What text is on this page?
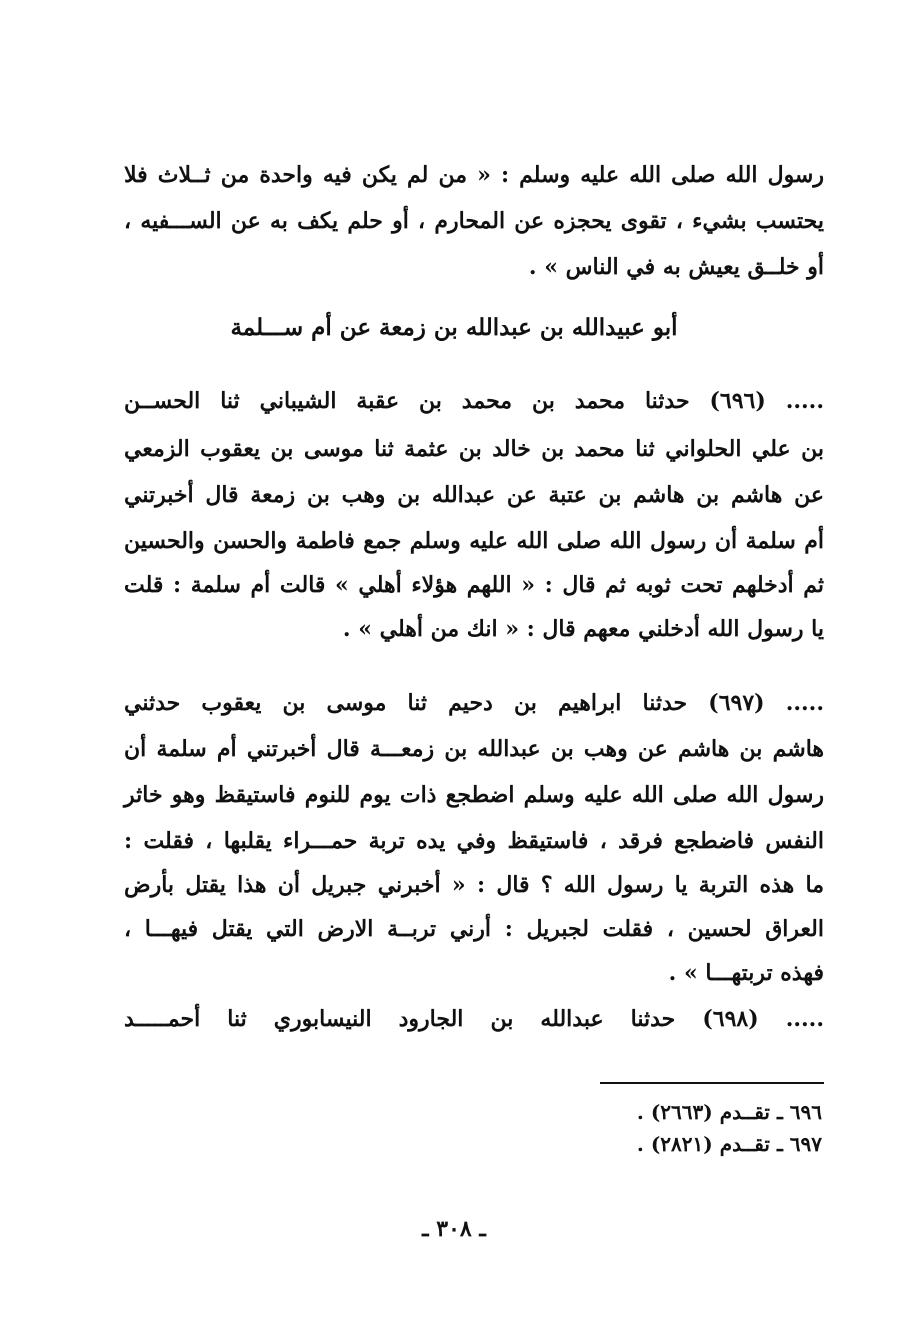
رسول الله صلى الله عليه وسلم : « من لم يكن فيه واحدة من ثــلاث فلا
يحتسب بشيء ، تقوى يحجزه عن المحارم ، أو حلم يكف به عن الســـفيه ،
أو خلــق يعيش به في الناس » .
أبو عبيدالله بن عبدالله بن زمعة عن أم ســـلمة
..... (٦٩٦) حدثنا محمد بن محمد بن عقبة الشيباني ثنا الحســن
بن علي الحلواني ثنا محمد بن خالد بن عثمة ثنا موسى بن يعقوب الزمعي
عن هاشم بن هاشم بن عتبة عن عبدالله بن وهب بن زمعة قال أخبرتني
أم سلمة أن رسول الله صلى الله عليه وسلم جمع فاطمة والحسن والحسين
ثم أدخلهم تحت ثوبه ثم قال : « اللهم هؤلاء أهلي » قالت أم سلمة : قلت
يا رسول الله أدخلني معهم قال : « انك من أهلي » .
..... (٦٩٧) حدثنا ابراهيم بن دحيم ثنا موسى بن يعقوب حدثني
هاشم بن هاشم عن وهب بن عبدالله بن زمعـــة قال أخبرتني أم سلمة أن
رسول الله صلى الله عليه وسلم اضطجع ذات يوم للنوم فاستيقظ وهو خاثر
النفس فاضطجع فرقد ، فاستيقظ وفي يده تربة حمـــراء يقلبها ، فقلت :
ما هذه التربة يا رسول الله ؟ قال : « أخبرني جبريل أن هذا يقتل بأرض
العراق لحسين ، فقلت لجبريل : أرني تربــة الارض التي يقتل فيهـــا ،
فهذه تربتهـــا » .
..... (٦٩٨) حدثنا عبدالله بن الجارود النيسابوري ثنا أحمـــــد
٦٩٦ ـ تقــدم (٢٦٦٣) .
٦٩٧ ـ تقــدم (٢٨٢١) .
ـ ٣٠٨ ـ
